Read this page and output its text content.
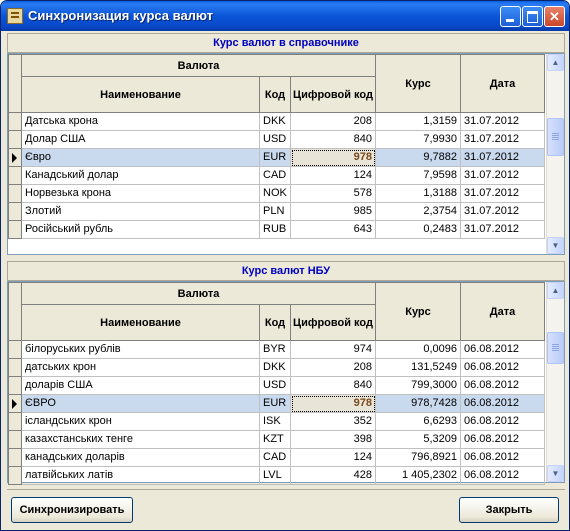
Синхронизация курса валют	✕
Курс валют в справочнике
	Валюта			Курс	Дата
	Наименование	Код	Цифровой код		
	Датська крона	DKK	208	1,3159	31.07.2012
	Долар США	USD	840	7,9930	31.07.2012

	Євро	EUR	978	9,7882	31.07.2012
	Канадський долар	CAD	124	7,9598	31.07.2012
	Норвезька крона	NOK	578	1,3188	31.07.2012
	Злотий	PLN	985	2,3754	31.07.2012
	Російський рубль	RUB	643	0,2483	31.07.2012
▲
▼
Курс валют НБУ
	Валюта			Курс	Дата
	Наименование	Код	Цифровой код		
	білоруських рублів	BYR	974	0,0096	06.08.2012
	датських крон	DKK	208	131,5249	06.08.2012
	доларів США	USD	840	799,3000	06.08.2012

	ЄВРО	EUR	978	978,7428	06.08.2012
	ісландських крон	ISK	352	6,6293	06.08.2012
	казахстанських тенге	KZT	398	5,3209	06.08.2012
	канадських доларів	CAD	124	796,8921	06.08.2012
	латвійських латів	LVL	428	1 405,2302	06.08.2012
▲
▼
Синхронизировать	Закрыть
